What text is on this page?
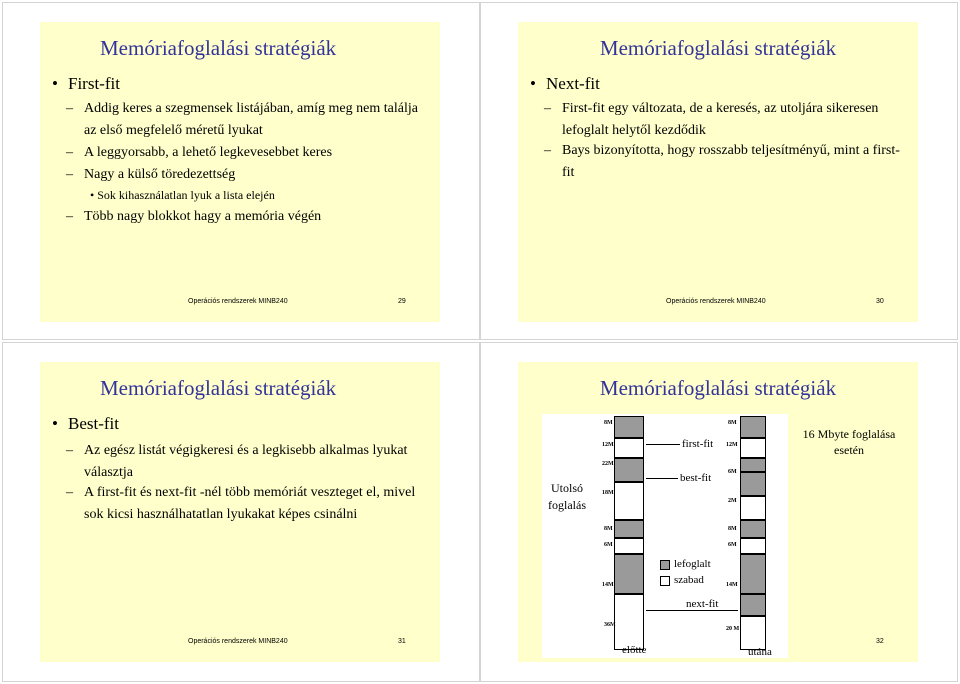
Memóriafoglalási stratégiák
• First-fit
– Addig keres a szegmensek listájában, amíg meg nem találja az első megfelelő méretű lyukat
– A leggyorsabb, a lehető legkevesebbet keres
– Nagy a külső töredezettség
• Sok kihasználatlan lyuk a lista elején
– Több nagy blokkot hagy a memória végén
Operációs rendszerek MINB240	29
Memóriafoglalási stratégiák
• Next-fit
– First-fit egy változata, de a keresés, az utoljára sikeresen lefoglalt helytől kezdődik
– Bays bizonyította, hogy rosszabb teljesítményű, mint a first-fit
Operációs rendszerek MINB240	30
Memóriafoglalási stratégiák
• Best-fit
– Az egész listát végigkeresi és a legkisebb alkalmas lyukat választja
– A first-fit és next-fit -nél több memóriát veszteget el, mivel sok kicsi használhatatlan lyukakat képes csinálni
Operációs rendszerek MINB240	31
Memóriafoglalási stratégiák
Utolsó foglalás
8M
12M
22M
18M
8M
6M
14M
36M
8M
12M
6M
2M
8M
6M
14M
20 M
first-fit
best-fit
lefoglalt
szabad
next-fit
előtte	utána
16 Mbyte foglalása esetén
32
